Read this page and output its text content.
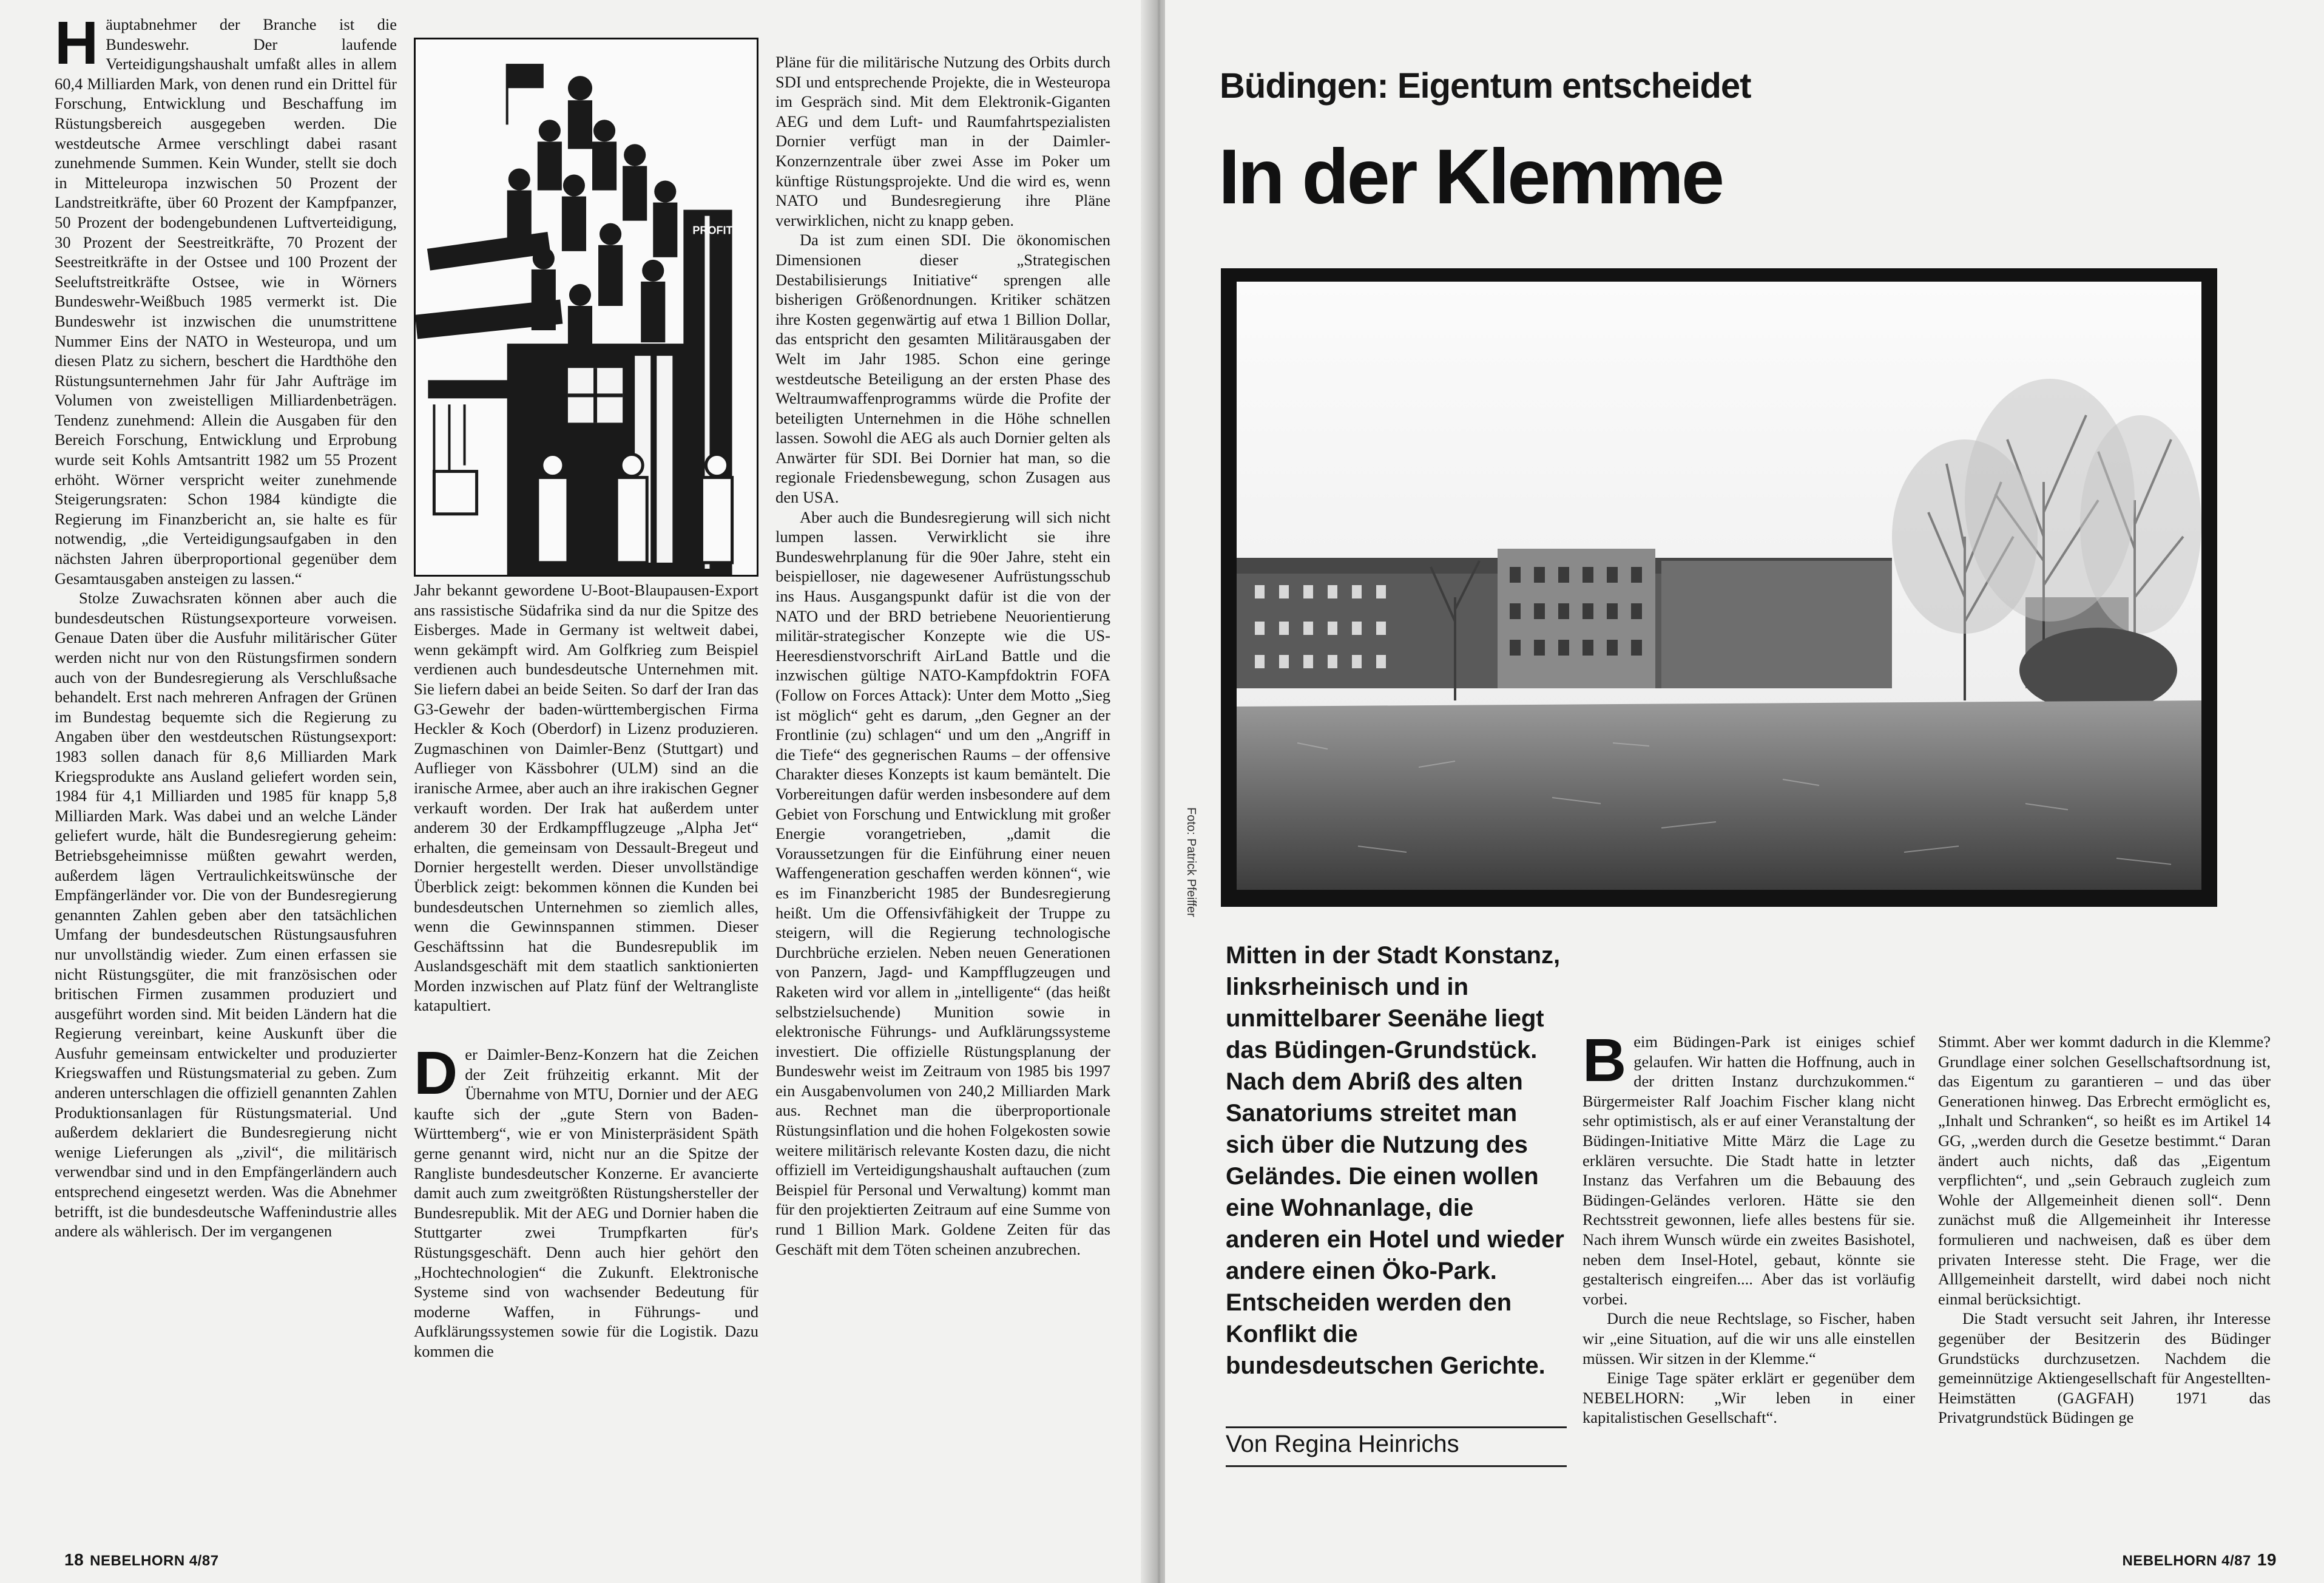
H äuptabnehmer der Branche ist die Bundeswehr. Der laufende Verteidigungshaushalt umfaßt alles in allem 60,4 Milliarden Mark, von denen rund ein Drittel für Forschung, Entwicklung und Beschaffung im Rüstungsbereich ausgegeben werden. Die westdeutsche Armee verschlingt dabei rasant zunehmende Summen. Kein Wunder, stellt sie doch in Mitteleuropa inzwischen 50 Prozent der Landstreitkräfte, über 60 Prozent der Kampfpanzer, 50 Prozent der bodengebundenen Luftverteidigung, 30 Prozent der Seestreitkräfte, 70 Prozent der Seestreitkräfte in der Ostsee und 100 Prozent der Seeluftstreitkräfte Ostsee, wie in Wörners Bundeswehr-Weißbuch 1985 vermerkt ist. Die Bundeswehr ist inzwischen die unumstrittene Nummer Eins der NATO in Westeuropa, und um diesen Platz zu sichern, beschert die Hardthöhe den Rüstungsunternehmen Jahr für Jahr Aufträge im Volumen von zweistelligen Milliardenbeträgen. Tendenz zunehmend: Allein die Ausgaben für den Bereich Forschung, Entwicklung und Erprobung wurde seit Kohls Amtsantritt 1982 um 55 Prozent erhöht. Wörner verspricht weiter zunehmende Steigerungsraten: Schon 1984 kündigte die Regierung im Finanzbericht an, sie halte es für notwendig, „die Verteidigungsaufgaben in den nächsten Jahren überproportional gegenüber dem Gesamtausgaben ansteigen zu lassen.“

Stolze Zuwachsraten können aber auch die bundesdeutschen Rüstungsexporteure vorweisen. Genaue Daten über die Ausfuhr militärischer Güter werden nicht nur von den Rüstungsfirmen sondern auch von der Bundesregierung als Verschlußsache behandelt. Erst nach mehreren Anfragen der Grünen im Bundestag bequemte sich die Regierung zu Angaben über den westdeutschen Rüstungsexport: 1983 sollen danach für 8,6 Milliarden Mark Kriegsprodukte ans Ausland geliefert worden sein, 1984 für 4,1 Milliarden und 1985 für knapp 5,8 Milliarden Mark. Was dabei und an welche Länder geliefert wurde, hält die Bundesregierung geheim: Betriebsgeheimnisse müßten gewahrt werden, außerdem lägen Vertraulichkeitswünsche der Empfängerländer vor. Die von der Bundesregierung genannten Zahlen geben aber den tatsächlichen Umfang der bundesdeutschen Rüstungsausfuhren nur unvollständig wieder. Zum einen erfassen sie nicht Rüstungsgüter, die mit französischen oder britischen Firmen zusammen produziert und ausgeführt worden sind. Mit beiden Ländern hat die Regierung vereinbart, keine Auskunft über die Ausfuhr gemeinsam entwickelter und produzierter Kriegswaffen und Rüstungsmaterial zu geben. Zum anderen unterschlagen die offiziell genannten Zahlen Produktionsanlagen für Rüstungsmaterial. Und außerdem deklariert die Bundesregierung nicht wenige Lieferungen als „zivil“, die militärisch verwendbar sind und in den Empfängerländern auch entsprechend eingesetzt werden. Was die Abnehmer betrifft, ist die bundesdeutsche Waffenindustrie alles andere als wählerisch. Der im vergangenen

PROFIT

Jahr bekannt gewordene U-Boot-Blaupausen-Export ans rassistische Südafrika sind da nur die Spitze des Eisberges. Made in Germany ist weltweit dabei, wenn gekämpft wird. Am Golfkrieg zum Beispiel verdienen auch bundesdeutsche Unternehmen mit. Sie liefern dabei an beide Seiten. So darf der Iran das G3-Gewehr der baden-württembergischen Firma Heckler & Koch (Oberdorf) in Lizenz produzieren. Zugmaschinen von Daimler-Benz (Stuttgart) und Auflieger von Kässbohrer (ULM) sind an die iranische Armee, aber auch an ihre irakischen Gegner verkauft worden. Der Irak hat außerdem unter anderem 30 der Erdkampfflugzeuge „Alpha Jet“ erhalten, die gemeinsam von Dessault-Bregeut und Dornier hergestellt werden. Dieser unvollständige Überblick zeigt: bekommen können die Kunden bei bundesdeutschen Unternehmen so ziemlich alles, wenn die Gewinnspannen stimmen. Dieser Geschäftssinn hat die Bundesrepublik im Auslandsgeschäft mit dem staatlich sanktionierten Morden inzwischen auf Platz fünf der Weltrangliste katapultiert.

D er Daimler-Benz-Konzern hat die Zeichen der Zeit frühzeitig erkannt. Mit der Übernahme von MTU, Dornier und der AEG kaufte sich der „gute Stern von Baden-Württemberg“, wie er von Ministerpräsident Späth gerne genannt wird, nicht nur an die Spitze der Rangliste bundesdeutscher Konzerne. Er avancierte damit auch zum zweitgrößten Rüstungshersteller der Bundesrepublik. Mit der AEG und Dornier haben die Stuttgarter zwei Trumpfkarten für's Rüstungsgeschäft. Denn auch hier gehört den „Hochtechnologien“ die Zukunft. Elektronische Systeme sind von wachsender Bedeutung für moderne Waffen, in Führungs- und Aufklärungssystemen sowie für die Logistik. Dazu kommen die

Pläne für die militärische Nutzung des Orbits durch SDI und entsprechende Projekte, die in Westeuropa im Gespräch sind. Mit dem Elektronik-Giganten AEG und dem Luft- und Raumfahrtspezialisten Dornier verfügt man in der Daimler-Konzernzentrale über zwei Asse im Poker um künftige Rüstungsprojekte. Und die wird es, wenn NATO und Bundesregierung ihre Pläne verwirklichen, nicht zu knapp geben.

Da ist zum einen SDI. Die ökonomischen Dimensionen dieser „Strategischen Destabilisierungs Initiative“ sprengen alle bisherigen Größenordnungen. Kritiker schätzen ihre Kosten gegenwärtig auf etwa 1 Billion Dollar, das entspricht den gesamten Militärausgaben der Welt im Jahr 1985. Schon eine geringe westdeutsche Beteiligung an der ersten Phase des Weltraumwaffenprogramms würde die Profite der beteiligten Unternehmen in die Höhe schnellen lassen. Sowohl die AEG als auch Dornier gelten als Anwärter für SDI. Bei Dornier hat man, so die regionale Friedensbewegung, schon Zusagen aus den USA.

Aber auch die Bundesregierung will sich nicht lumpen lassen. Verwirklicht sie ihre Bundeswehrplanung für die 90er Jahre, steht ein beispielloser, nie dagewesener Aufrüstungsschub ins Haus. Ausgangspunkt dafür ist die von der NATO und der BRD betriebene Neuorientierung militär-strategischer Konzepte wie die US-Heeresdienstvorschrift AirLand Battle und die inzwischen gültige NATO-Kampfdoktrin FOFA (Follow on Forces Attack): Unter dem Motto „Sieg ist möglich“ geht es darum, „den Gegner an der Frontlinie (zu) schlagen“ und um den „Angriff in die Tiefe“ des gegnerischen Raums – der offensive Charakter dieses Konzepts ist kaum bemäntelt. Die Vorbereitungen dafür werden insbesondere auf dem Gebiet von Forschung und Entwicklung mit großer Energie vorangetrieben, „damit die Voraussetzungen für die Einführung einer neuen Waffengeneration geschaffen werden können“, wie es im Finanzbericht 1985 der Bundesregierung heißt. Um die Offensivfähigkeit der Truppe zu steigern, will die Regierung technologische Durchbrüche erzielen. Neben neuen Generationen von Panzern, Jagd- und Kampfflugzeugen und Raketen wird vor allem in „intelligente“ (das heißt selbstzielsuchende) Munition sowie in elektronische Führungs- und Aufklärungssysteme investiert. Die offizielle Rüstungsplanung der Bundeswehr weist im Zeitraum von 1985 bis 1997 ein Ausgabenvolumen von 240,2 Milliarden Mark aus. Rechnet man die überproportionale Rüstungsinflation und die hohen Folgekosten sowie weitere militärisch relevante Kosten dazu, die nicht offiziell im Verteidigungshaushalt auftauchen (zum Beispiel für Personal und Verwaltung) kommt man für den projektierten Zeitraum auf eine Summe von rund 1 Billion Mark. Goldene Zeiten für das Geschäft mit dem Töten scheinen anzubrechen.

18 NEBELHORN 4/87
Büdingen: Eigentum entscheidet
In der Klemme
Foto: Patrick Pfeiffer
Mitten in der Stadt Konstanz, linksrheinisch und in unmittelbarer Seenähe liegt das Büdingen-Grundstück. Nach dem Abriß des alten Sanatoriums streitet man sich über die Nutzung des Geländes. Die einen wollen eine Wohnanlage, die anderen ein Hotel und wieder andere einen Öko-Park. Entscheiden werden den Konflikt die bundesdeutschen Gerichte.
Von Regina Heinrichs
B eim Büdingen-Park ist einiges schief gelaufen. Wir hatten die Hoffnung, auch in der dritten Instanz durchzukommen.“ Bürgermeister Ralf Joachim Fischer klang nicht sehr optimistisch, als er auf einer Veranstaltung der Büdingen-Initiative Mitte März die Lage zu erklären versuchte. Die Stadt hatte in letzter Instanz das Verfahren um die Bebauung des Büdingen-Geländes verloren. Hätte sie den Rechtsstreit gewonnen, liefe alles bestens für sie. Nach ihrem Wunsch würde ein zweites Basishotel, neben dem Insel-Hotel, gebaut, könnte sie gestalterisch eingreifen.... Aber das ist vorläufig vorbei.

Durch die neue Rechtslage, so Fischer, haben wir „eine Situation, auf die wir uns alle einstellen müssen. Wir sitzen in der Klemme.“

Einige Tage später erklärt er gegenüber dem NEBELHORN: „Wir leben in einer kapitalistischen Gesellschaft“.

Stimmt. Aber wer kommt dadurch in die Klemme? Grundlage einer solchen Gesellschaftsordnung ist, das Eigentum zu garantieren – und das über Generationen hinweg. Das Erbrecht ermöglicht es, „Inhalt und Schranken“, so heißt es im Artikel 14 GG, „werden durch die Gesetze bestimmt.“ Daran ändert auch nichts, daß das „Eigentum verpflichten“, und „sein Gebrauch zugleich zum Wohle der Allgemeinheit dienen soll“. Denn zunächst muß die Allgemeinheit ihr Interesse formulieren und nachweisen, daß es über dem privaten Interesse steht. Die Frage, wer die Alllgemeinheit darstellt, wird dabei noch nicht einmal berücksichtigt.

Die Stadt versucht seit Jahren, ihr Interesse gegenüber der Besitzerin des Büdinger Grundstücks durchzusetzen. Nachdem die gemeinnützige Aktiengesellschaft für Angestellten-Heimstätten (GAGFAH) 1971 das Privatgrundstück Büdingen ge

NEBELHORN 4/87 19
